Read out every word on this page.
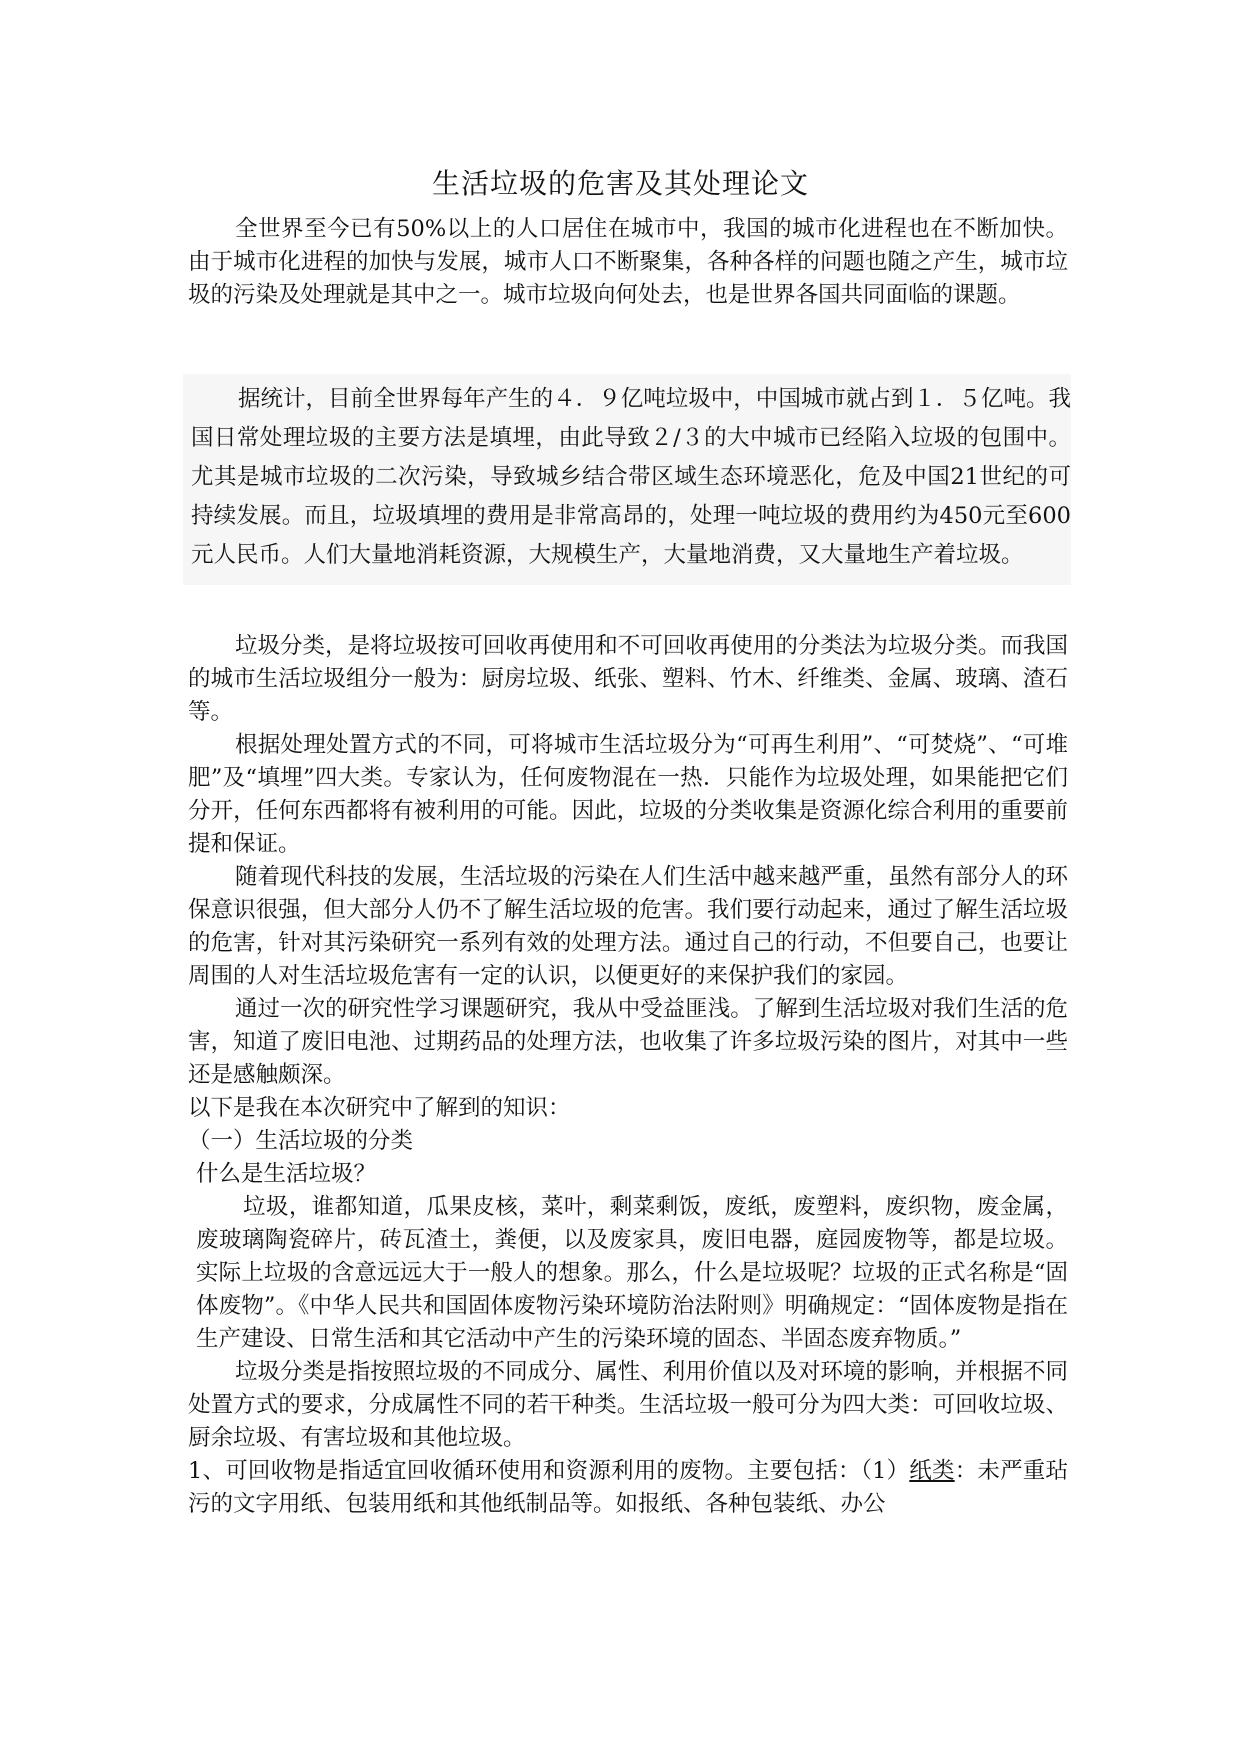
生活垃圾的危害及其处理论文

全世界至今已有50%以上的人口居住在城市中，我国的城市化进程也在不断加快。由于城市化进程的加快与发展，城市人口不断聚集，各种各样的问题也随之产生，城市垃圾的污染及处理就是其中之一。城市垃圾向何处去，也是世界各国共同面临的课题。

据统计，目前全世界每年产生的４．９亿吨垃圾中，中国城市就占到１．５亿吨。我国日常处理垃圾的主要方法是填埋，由此导致２/３的大中城市已经陷入垃圾的包围中。尤其是城市垃圾的二次污染，导致城乡结合带区域生态环境恶化，危及中国21世纪的可持续发展。而且，垃圾填埋的费用是非常高昂的，处理一吨垃圾的费用约为450元至600元人民币。人们大量地消耗资源，大规模生产，大量地消费，又大量地生产着垃圾。

垃圾分类，是将垃圾按可回收再使用和不可回收再使用的分类法为垃圾分类。而我国的城市生活垃圾组分一般为：厨房垃圾、纸张、塑料、竹木、纤维类、金属、玻璃、渣石等。

根据处理处置方式的不同，可将城市生活垃圾分为“可再生利用”、“可焚烧”、“可堆肥”及“填埋”四大类。专家认为，任何废物混在一热．只能作为垃圾处理，如果能把它们分开，任何东西都将有被利用的可能。因此，垃圾的分类收集是资源化综合利用的重要前提和保证。

随着现代科技的发展，生活垃圾的污染在人们生活中越来越严重，虽然有部分人的环保意识很强，但大部分人仍不了解生活垃圾的危害。我们要行动起来，通过了解生活垃圾的危害，针对其污染研究一系列有效的处理方法。通过自己的行动，不但要自己，也要让周围的人对生活垃圾危害有一定的认识，以便更好的来保护我们的家园。

通过一次的研究性学习课题研究，我从中受益匪浅。了解到生活垃圾对我们生活的危害，知道了废旧电池、过期药品的处理方法，也收集了许多垃圾污染的图片，对其中一些还是感触颇深。

以下是我在本次研究中了解到的知识：

（一）生活垃圾的分类

什么是生活垃圾？

垃圾，谁都知道，瓜果皮核，菜叶，剩菜剩饭，废纸，废塑料，废织物，废金属，废玻璃陶瓷碎片，砖瓦渣土，粪便，以及废家具，废旧电器，庭园废物等，都是垃圾。实际上垃圾的含意远远大于一般人的想象。那么，什么是垃圾呢？垃圾的正式名称是“固体废物”。《中华人民共和国固体废物污染环境防治法附则》明确规定：“固体废物是指在生产建设、日常生活和其它活动中产生的污染环境的固态、半固态废弃物质。”

垃圾分类是指按照垃圾的不同成分、属性、利用价值以及对环境的影响，并根据不同处置方式的要求，分成属性不同的若干种类。生活垃圾一般可分为四大类：可回收垃圾、厨余垃圾、有害垃圾和其他垃圾。

1、可回收物是指适宜回收循环使用和资源利用的废物。主要包括：（1）纸类：未严重玷污的文字用纸、包装用纸和其他纸制品等。如报纸、各种包装纸、办公
